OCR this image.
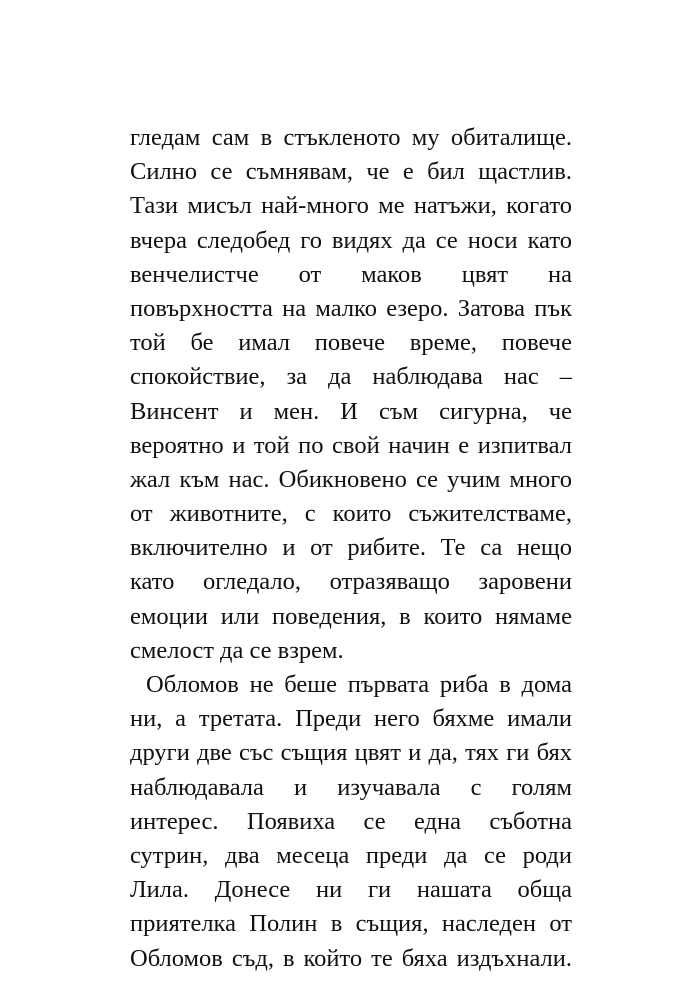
гледам сам в стъкленото му обиталище.
Силно се съмнявам, че е бил щастлив.
Тази мисъл най-много ме натъжи, когато
вчера следобед го видях да се носи като
венчелистче от маков цвят на
повърхността на малко езеро. Затова пък
той бе имал повече време, повече
спокойствие, за да наблюдава нас –
Винсент и мен. И съм сигурна, че
вероятно и той по свой начин е изпитвал
жал към нас. Обикновено се учим много
от животните, с които съжителстваме,
включително и от рибите. Те са нещо
като огледало, отразяващо заровени
емоции или поведения, в които нямаме
смелост да се взрем.
Обломов не беше първата риба в дома
ни, а третата. Преди него бяхме имали
други две със същия цвят и да, тях ги бях
наблюдавала и изучавала с голям
интерес. Появиха се една съботна
сутрин, два месеца преди да се роди
Лила. Донесе ни ги нашата обща
приятелка Полин в същия, наследен от
Обломов съд, в който те бяха издъхнали.
